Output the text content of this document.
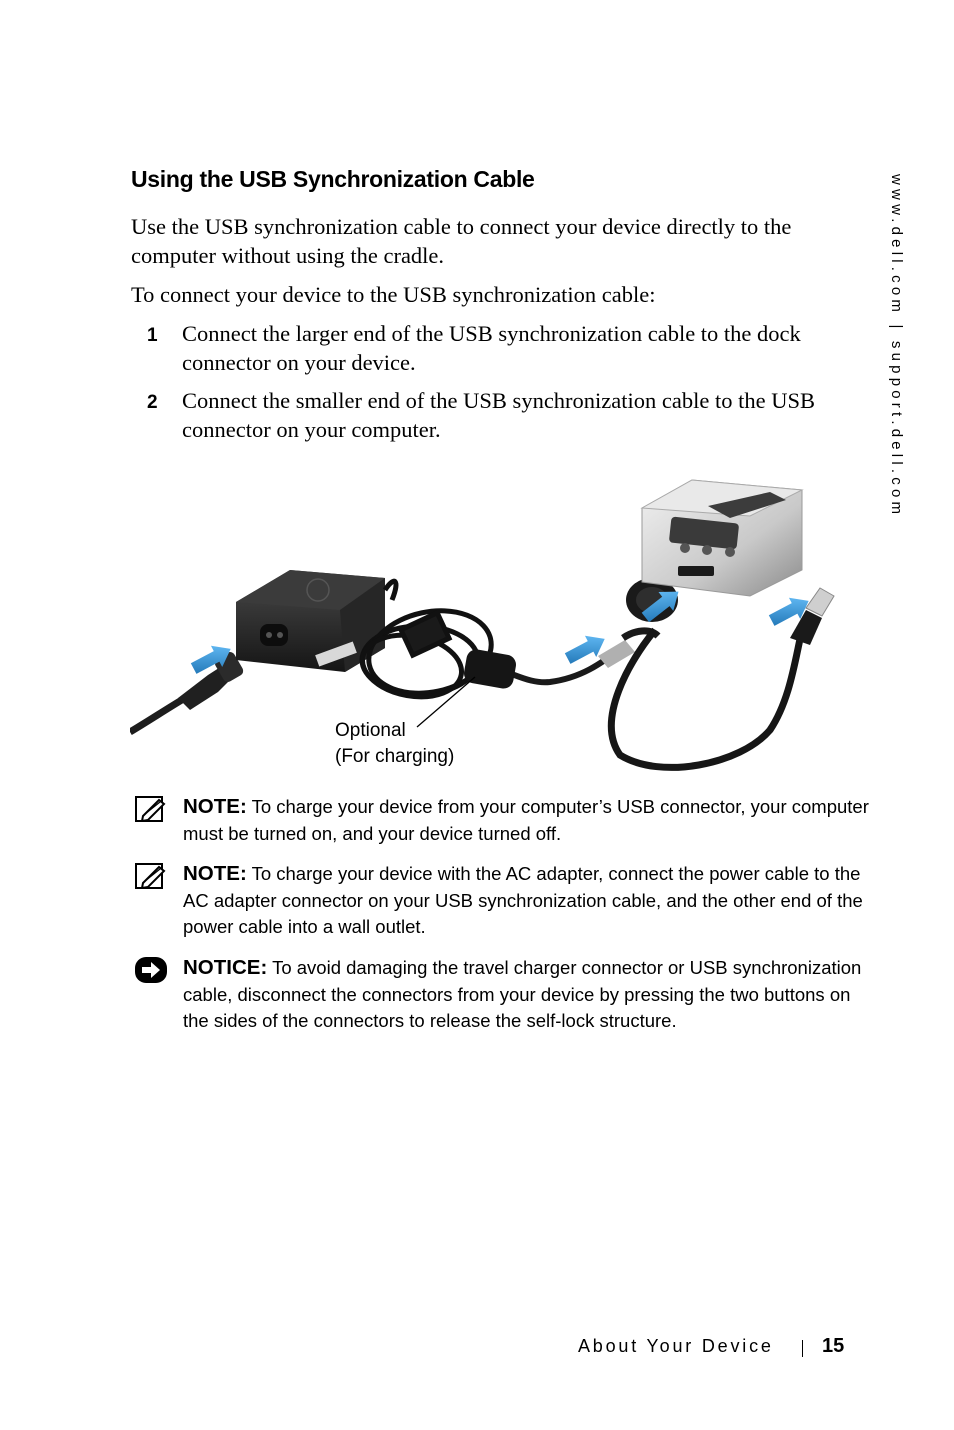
www.dell.com | support.dell.com
Using the USB Synchronization Cable
Use the USB synchronization cable to connect your device directly to the computer without using the cradle.
To connect your device to the USB synchronization cable:
1 Connect the larger end of the USB synchronization cable to the dock connector on your device.
2 Connect the smaller end of the USB synchronization cable to the USB connector on your computer.
Optional
(For charging)
NOTE: To charge your device from your computer’s USB connector, your computer must be turned on, and your device turned off.
NOTE: To charge your device with the AC adapter, connect the power cable to the AC adapter connector on your USB synchronization cable, and the other end of the power cable into a wall outlet.
NOTICE: To avoid damaging the travel charger connector or USB synchronization cable, disconnect the connectors from your device by pressing the two buttons on the sides of the connectors to release the self-lock structure.
About Your Device 15
